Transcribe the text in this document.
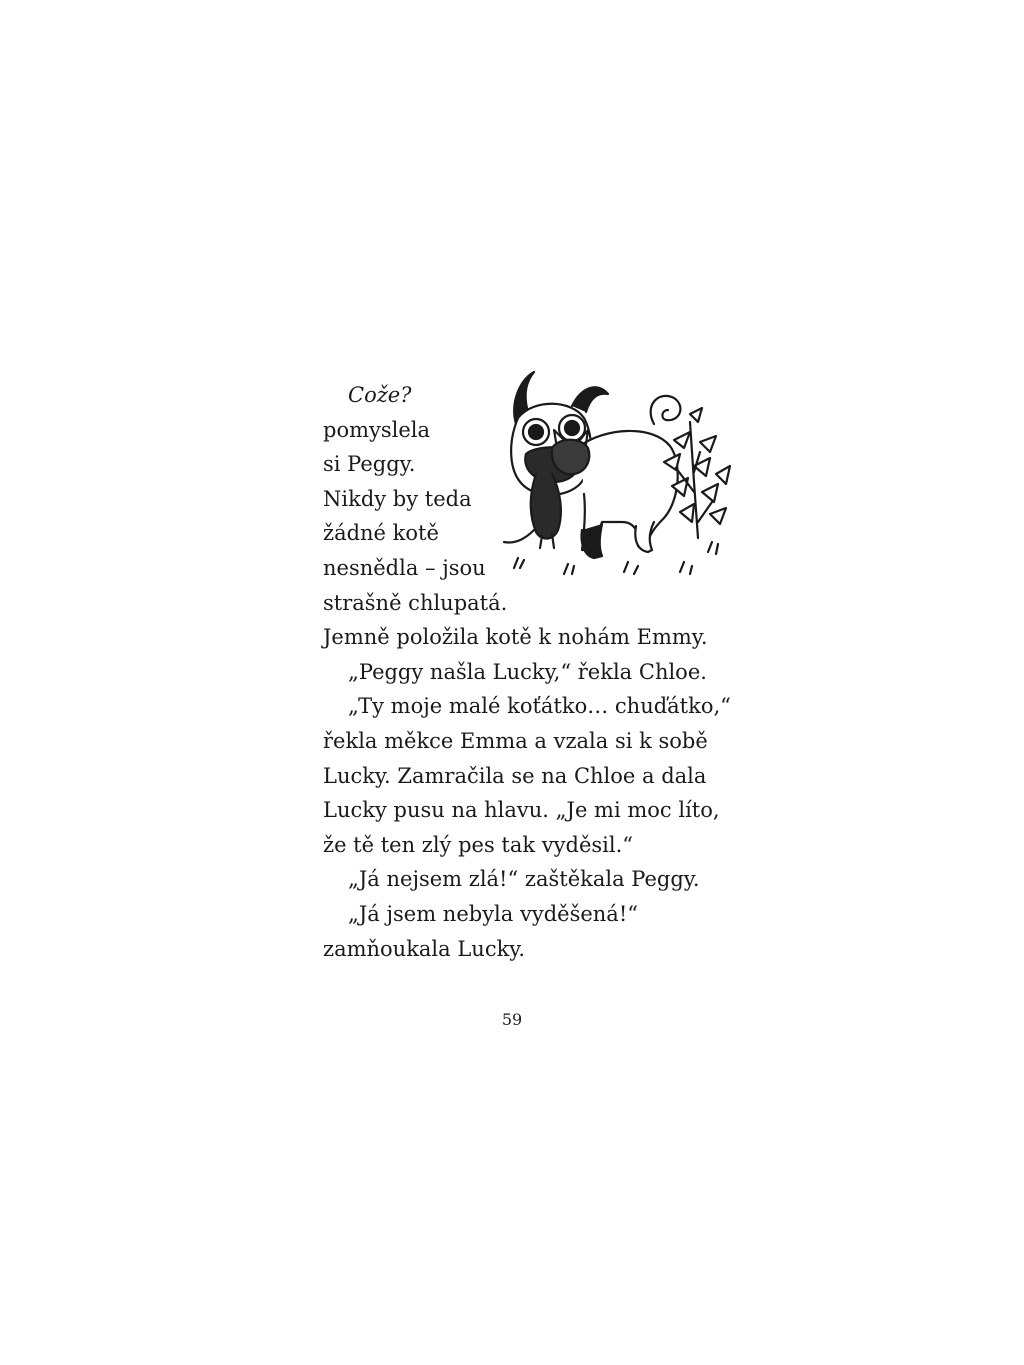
Cože?
pomyslela
si Peggy.
Nikdy by teda
žádné kotě
nesnědla – jsou
strašně chlupatá.
Jemně položila kotě k nohám Emmy.
„Peggy našla Lucky,“ řekla Chloe.
„Ty moje malé koťátko… chuďátko,“
řekla měkce Emma a vzala si k sobě
Lucky. Zamračila se na Chloe a dala
Lucky pusu na hlavu. „Je mi moc líto,
že tě ten zlý pes tak vyděsil.“
„Já nejsem zlá!“ zaštěkala Peggy.
„Já jsem nebyla vyděšená!“
zamňoukala Lucky.
59
